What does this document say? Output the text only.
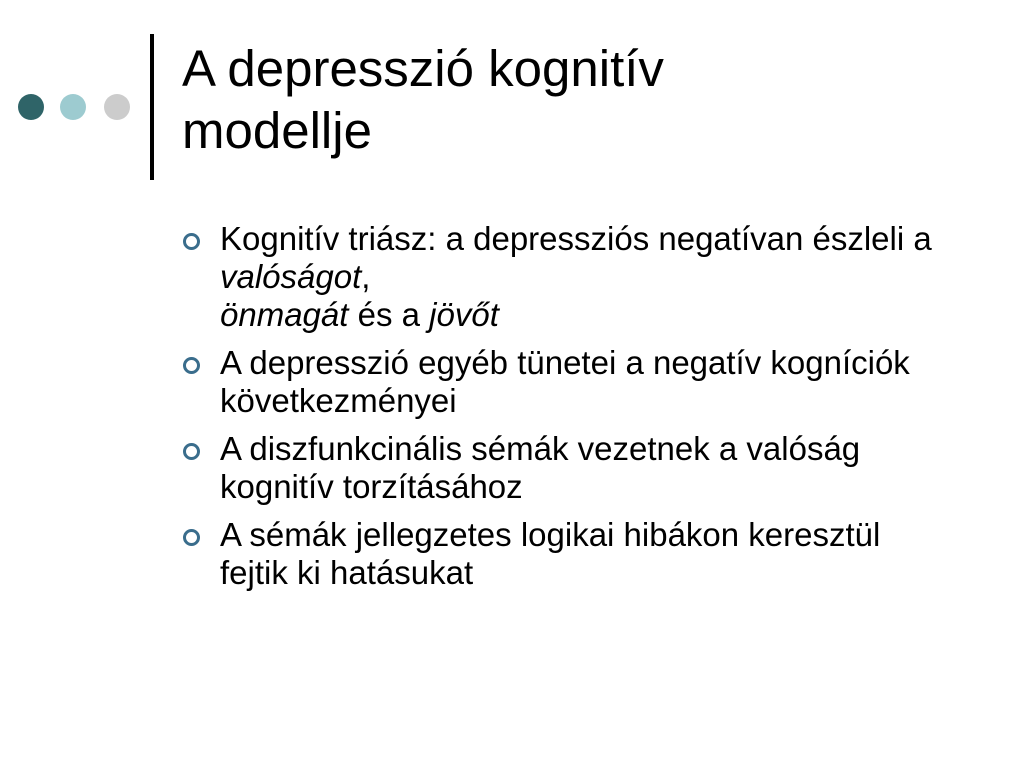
A depresszió kognitív
modellje
Kognitív triász: a depressziós negatívan észleli a valóságot,
önmagát és a jövőt
A depresszió egyéb tünetei a negatív kogníciók következményei
A diszfunkcinális sémák vezetnek a valóság kognitív torzításához
A sémák jellegzetes logikai hibákon keresztül fejtik ki hatásukat
